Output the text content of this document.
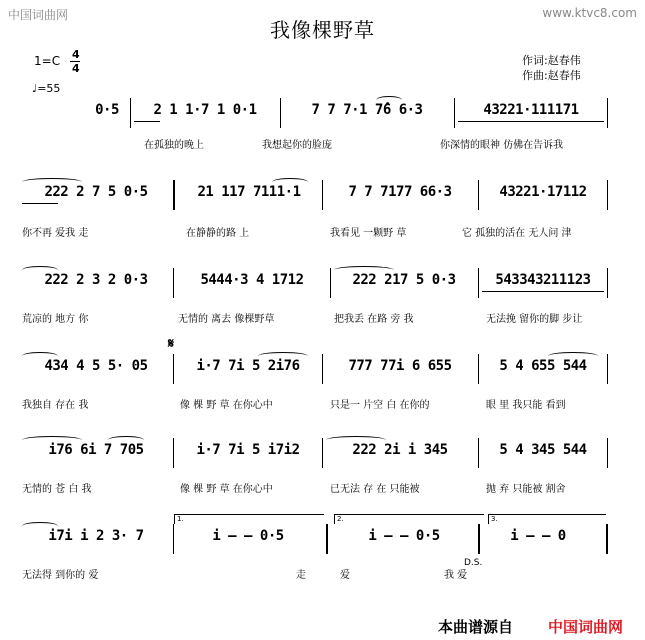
中国词曲网	www.ktvc8.com
我像棵野草
1=C 4
4
♩=55
作词:赵春伟
作曲:赵春伟
0·5	2 1 1·7 1 0·1	7 7 7·1 7̂6 6·3	43221·111171
在孤独的晚上	我想起你的脸庞	你深情的眼神 仿佛在告诉我
222 2 7 5 0·5	21 117 7111·1	7 7 7177 66·3	43221·17112
你不再 爱我 走	在静静的路 上	我看见 一颗野 草	它 孤独的活在 无人问 津
222 2 3 2 0·3	5444·3 4 1712	222 217 5 0·3	543343211123
荒凉的 地方 你	无情的 离去 像棵野草	把我丢 在路 旁 我	无法挽 留你的脚 步让
𝄋
434 4 5 5· 05	i·7 7i 5 2i76	777 77i 6 655	5 4 655 544
我独自 存在 我	像 棵 野 草 在你心中	只是一 片空 白 在你的	眼 里 我只能 看到
i76 6i 7 705	i·7 7i 5 i7i2	222 2i i 345	5 4 345 544
无情的 苍 白 我	像 棵 野 草 在你心中	已无法 存 在 只能被	抛 弃 只能被 割舍
1.	2.	3.
i7i i 2 3· 7	i – – 0·5	i – – 0·5	i – – 0
D.S.
无法得 到你的 爱	走	爱	我 爱
本曲谱源自 中国词曲网
